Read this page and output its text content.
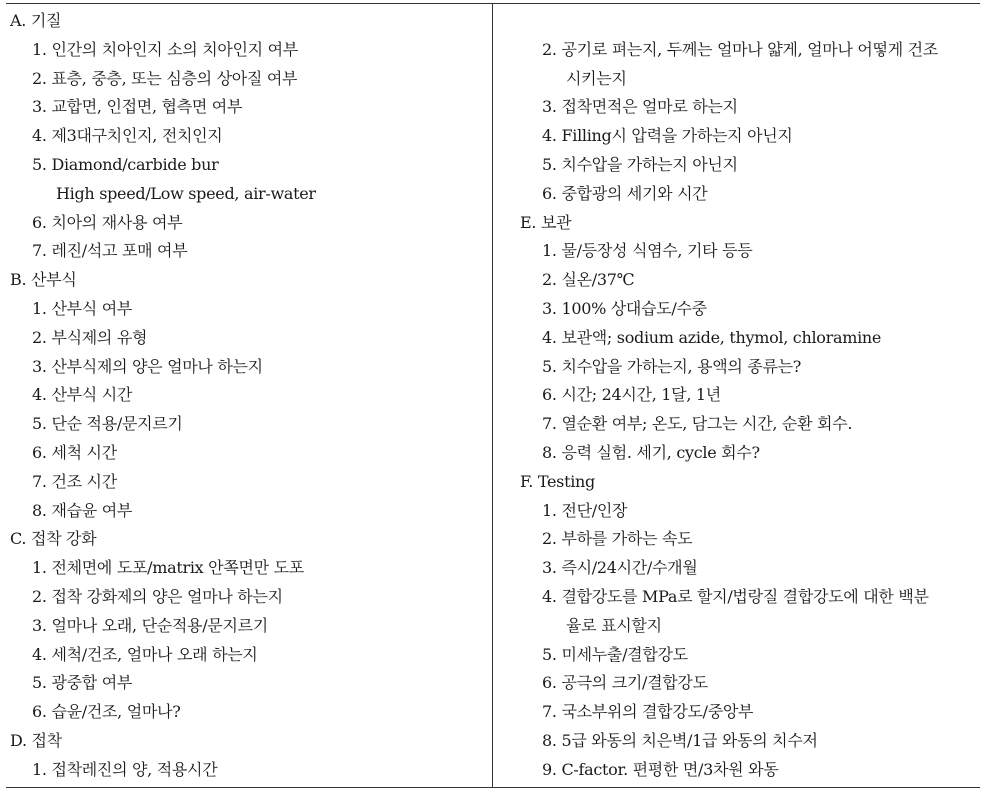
A. 기질
1. 인간의 치아인지 소의 치아인지 여부
2. 표층, 중층, 또는 심층의 상아질 여부
3. 교합면, 인접면, 협측면 여부
4. 제3대구치인지, 전치인지
5. Diamond/carbide bur
High speed/Low speed, air-water
6. 치아의 재사용 여부
7. 레진/석고 포매 여부
B. 산부식
1. 산부식 여부
2. 부식제의 유형
3. 산부식제의 양은 얼마나 하는지
4. 산부식 시간
5. 단순 적용/문지르기
6. 세척 시간
7. 건조 시간
8. 재습윤 여부
C. 접착 강화
1. 전체면에 도포/matrix 안쪽면만 도포
2. 접착 강화제의 양은 얼마나 하는지
3. 얼마나 오래, 단순적용/문지르기
4. 세척/건조, 얼마나 오래 하는지
5. 광중합 여부
6. 습윤/건조, 얼마나?
D. 접착
1. 접착레진의 양, 적용시간
2. 공기로 펴는지, 두께는 얼마나 얇게, 얼마나 어떻게 건조
시키는지
3. 접착면적은 얼마로 하는지
4. Filling시 압력을 가하는지 아닌지
5. 치수압을 가하는지 아닌지
6. 중합광의 세기와 시간
E. 보관
1. 물/등장성 식염수, 기타 등등
2. 실온/37℃
3. 100% 상대습도/수중
4. 보관액; sodium azide, thymol, chloramine
5. 치수압을 가하는지, 용액의 종류는?
6. 시간; 24시간, 1달, 1년
7. 열순환 여부; 온도, 담그는 시간, 순환 회수.
8. 응력 실험. 세기, cycle 회수?
F. Testing
1. 전단/인장
2. 부하를 가하는 속도
3. 즉시/24시간/수개월
4. 결합강도를 MPa로 할지/법랑질 결합강도에 대한 백분
율로 표시할지
5. 미세누출/결합강도
6. 공극의 크기/결합강도
7. 국소부위의 결합강도/중앙부
8. 5급 와동의 치은벽/1급 와동의 치수저
9. C-factor. 편평한 면/3차원 와동
